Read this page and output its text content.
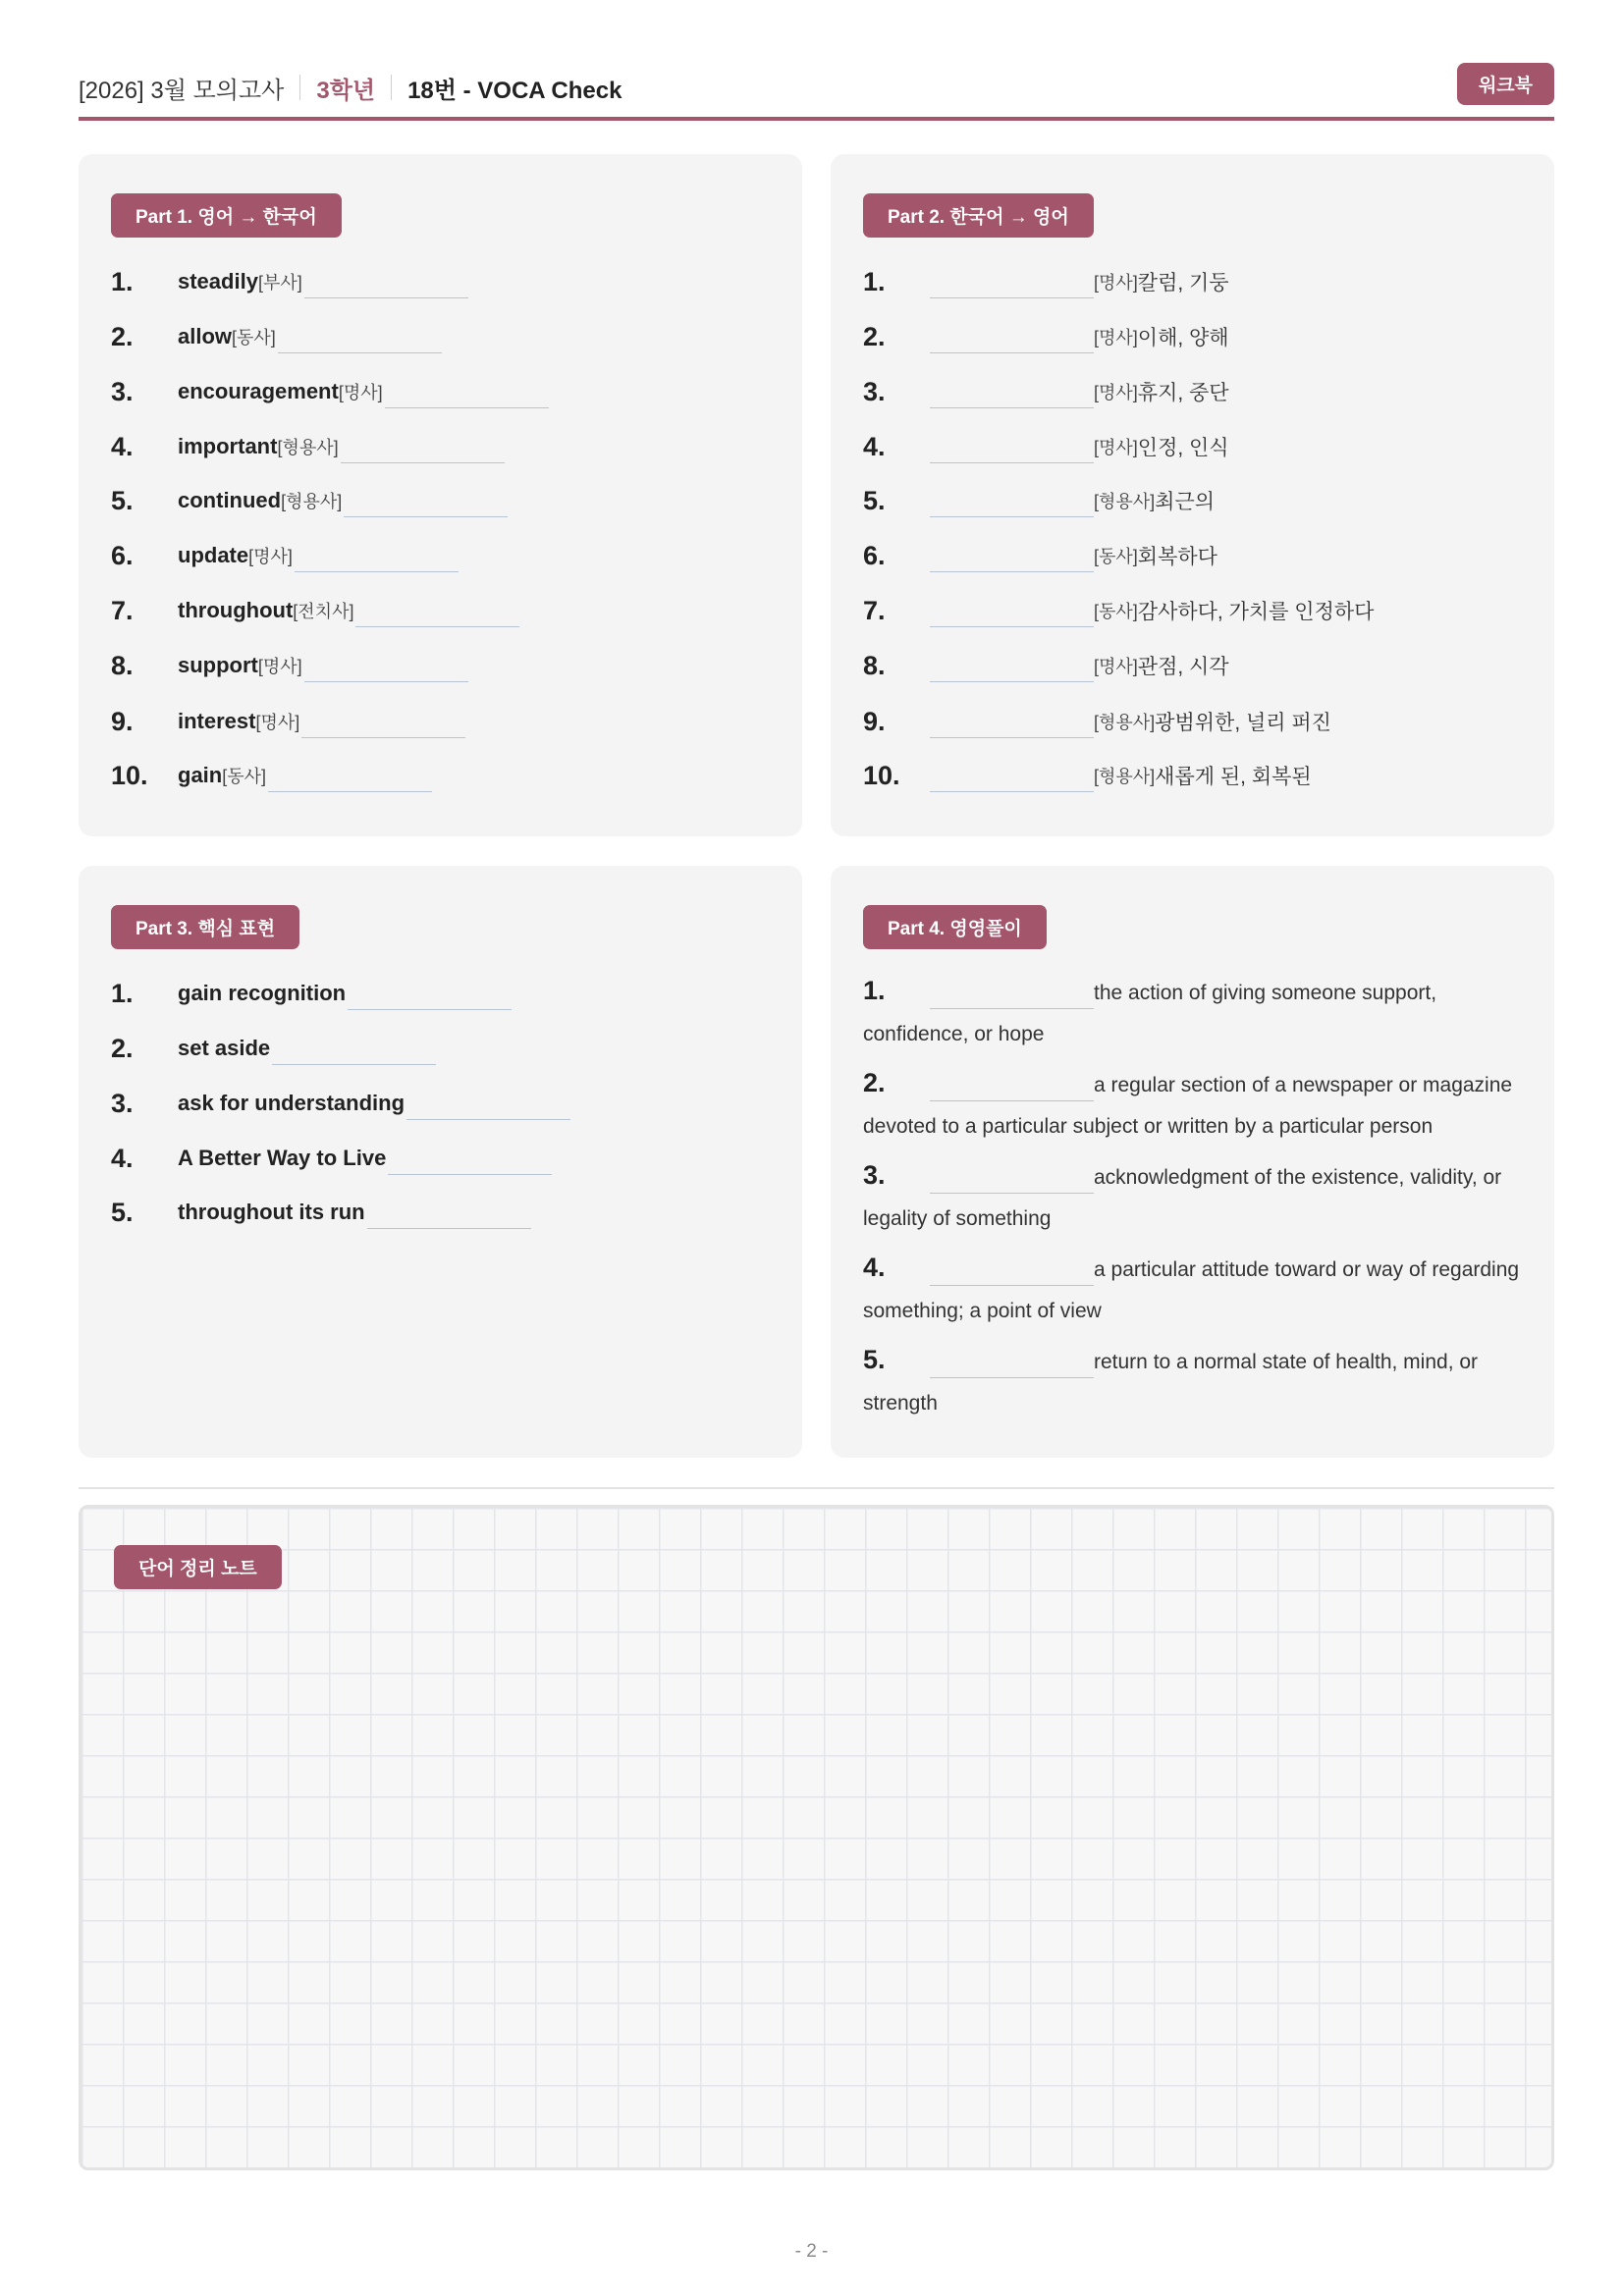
[2026] 3월 모의고사 3학년 18번 - VOCA Check	워크북
Part 1. 영어 → 한국어
1.	steadily [부사]
2.	allow [동사]
3.	encouragement [명사]
4.	important [형용사]
5.	continued [형용사]
6.	update [명사]
7.	throughout [전치사]
8.	support [명사]
9.	interest [명사]
10.	gain [동사]
Part 2. 한국어 → 영어
1.	[명사] 칼럼, 기둥
2.	[명사] 이해, 양해
3.	[명사] 휴지, 중단
4.	[명사] 인정, 인식
5.	[형용사] 최근의
6.	[동사] 회복하다
7.	[동사] 감사하다, 가치를 인정하다
8.	[명사] 관점, 시각
9.	[형용사] 광범위한, 널리 퍼진
10.	[형용사] 새롭게 된, 회복된
Part 3. 핵심 표현
1.	gain recognition
2.	set aside
3.	ask for understanding
4.	A Better Way to Live
5.	throughout its run
Part 4. 영영풀이
1.	the action of giving someone support, confidence, or hope
2.	a regular section of a newspaper or magazine devoted to a particular subject or written by a particular person
3.	acknowledgment of the existence, validity, or legality of something
4.	a particular attitude toward or way of regarding something; a point of view
5.	return to a normal state of health, mind, or strength
단어 정리 노트
- 2 -
